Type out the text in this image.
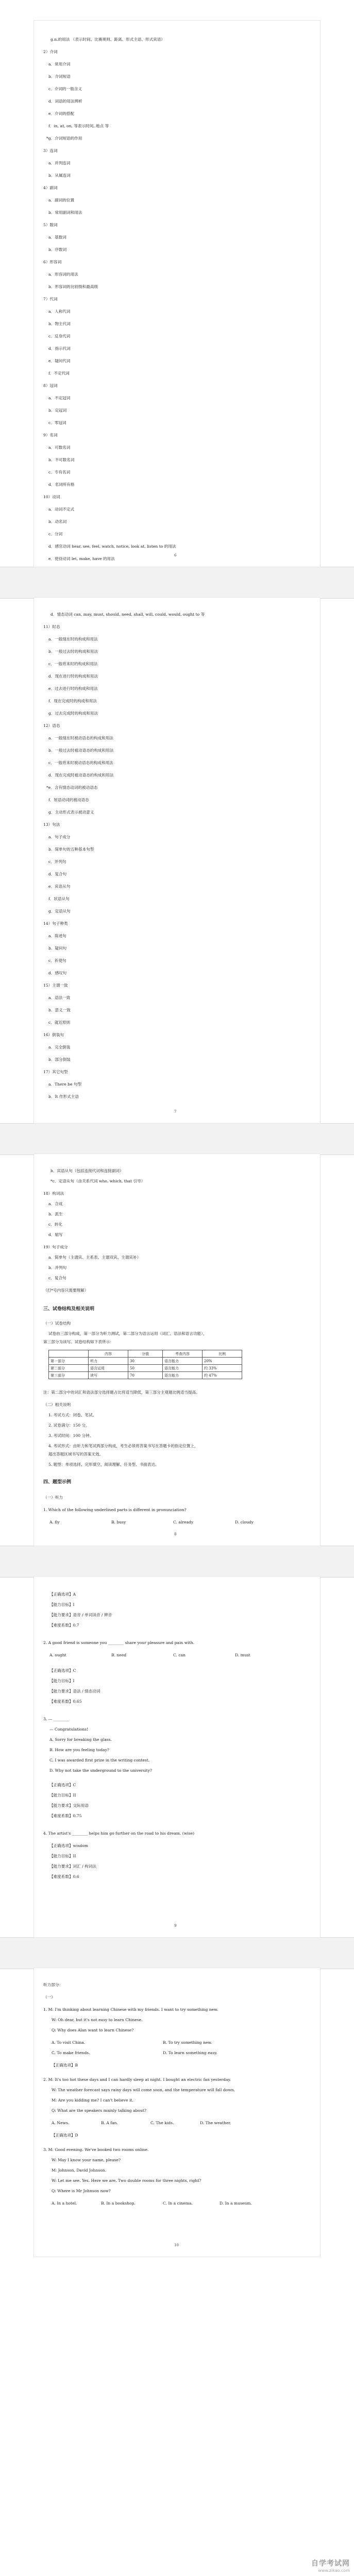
g.n.的用法 （表示时间、比赛规则、距离、形式主语、形式宾语）
2）介词
a．常用介词
b．介词短语
c．介词的一般含义
d．词语的用法辨析
e．介词的搭配
f．in, at, on, 等表示时间, 地点 等
*g．介词短语的作用
3）连词
a．并列连词
b．从属连词
4）副词
a．副词的位置
b．常用副词和用法
5）数词
a．基数词
b．序数词
6）形容词
a．形容词的用法
b．形容词的比较级和最高级
7）代词
a．人称代词
b．物主代词
c．反身代词
d．指示代词
e．疑问代词
f．不定代词
8）冠词
a．不定冠词
b．定冠词
c．零冠词
9）名词
a．可数名词
b．不可数名词
c．专有名词
d．名词所有格
10）动词
a．动词不定式
b．动名词
c．分词
d．感官动词 hear, see, feel, watch, notice, look at, listen to 的用法
e．使役动词 let, make, have 的用法
6
d．情态动词 can, may, must, should, need, shall, will, could, would, ought to 等
11）时态
a．一般现在时的构成和用法
b．一般过去时的构成和用法
c．一般将来时的构成和用法
d．现在进行时的构成和用法
e．过去进行时的构成和用法
f．现在完成时的构成和用法
g．过去完成时的构成和用法
12）语态
a．一般现在时被动语态的构成和用法
b．一般过去时被动语态的构成和用法
c．一般将来时被动语态的构成和用法
d．现在完成时被动语态的构成和用法
*e．含有情态动词的被动语态
f．短语动词的被动语态
g．主动形式表示被动意义
13）句法
a．句子成分
b．简单句的五种基本句型
c．并列句
d．复合句
e．宾语从句
f．状语从句
g．定语从句
14）句子种类
a．陈述句
b．疑问句
c．祈使句
d．感叹句
15）主谓一致
a．语法一致
b．意义一致
c．就近原则
16）倒装句
a．完全倒装
b．部分倒装
17）其它句型
a．There be 句型
b．It 作形式主语
7
b．宾语从句（包括连接代词和连接副词）
*c．定语从句（由关系代词 who, which, that 引导）
18）构词法
a．合成
b．派生
c．转化
d．缩写
19）句子成分
a．简单句（主谓宾、主系表、主谓双宾、主谓宾补）
b．并列句
c．复合句
（打*号内容只需要理解）
三、试卷结构及相关说明
（一）试卷结构
试卷由三部分构成，第一部分为听力测试，第二部分为语言运用（词汇、语法和语言功能），
第三部分为读写。试卷结构如下表所示：
	内容	分值	考查内容	比例
第一部分	听力	30	语言能力	20%
第二部分	语言运用	50	语言能力	约 33%
第三部分	读写	70	语言能力	约 47%
注：第二部分中的词汇和语法部分选择题占比将适当降低，第三部分主观题比例适当提高。
（二）相关说明
1. 考试方式：闭卷、笔试。
2. 试卷满分：150 分。
3. 考试时间：100 分钟。
4. 考试形式：由听力和笔试两部分构成，考生必须将答案书写在答题卡的指定位置上，
超出答题区域书写的答案无效。
5. 题型：单项选择、完形填空、阅读理解、任务型、书面表达。
四、题型示例
（一）听力
1. Which of the following underlined parts is different in pronunciation?
A. fly	B. busy	C. already	D. cloudy
8
【正确选项】A
【能力目标】I
【能力要求】语音 / 单词读音 / 辨音
【难度系数】0.7
2. A good friend is someone you ________ share your pleasure and pain with.
A. ought	B. need	C. can	D. must
【正确选项】C
【能力目标】I
【能力要求】语法 / 情态动词
【难度系数】0.65
3. — ________
— Congratulations!
A. Sorry for breaking the glass.
B. How are you feeling today?
C. I was awarded first prize in the writing contest.
D. Why not take the underground to the university?
【正确选项】C
【能力目标】II
【能力要求】交际用语
【难度系数】0.75
4. The artist's ________ helps him go further on the road to his dream. (wise)
【正确选项】wisdom
【能力目标】II
【能力要求】词汇 / 构词法
【难度系数】0.6
9
听力部分：
（一）
1. M: I'm thinking about learning Chinese with my friends. I want to try something new.
W: Oh dear, but it's not easy to learn Chinese.
Q: Why does Alan want to learn Chinese?
A. To visit China.	B. To try something new.
C. To make friends.	D. To learn something easy.
【正确选项】B
2. M: It's too hot these days and I can hardly sleep at night. I bought an electric fan yesterday.
W: The weather forecast says rainy days will come soon, and the temperature will fall down.
M: Are you kidding me? I can't believe it.
Q: What are the speakers mainly talking about?
A. News.	B. A fan.	C. The kids.	D. The weather.
【正确选项】D
3. M: Good evening. We've booked two rooms online.
W: May I know your name, please?
M: Johnson, David Johnson.
W: Let me see. Yes. Here we are. Two double rooms for three nights, right?
Q: Where is Mr Johnson now?
A. In a hotel.	B. In a bookshop.	C. In a cinema.	D. In a museum.
10
自学考试网
www.zikao.com
